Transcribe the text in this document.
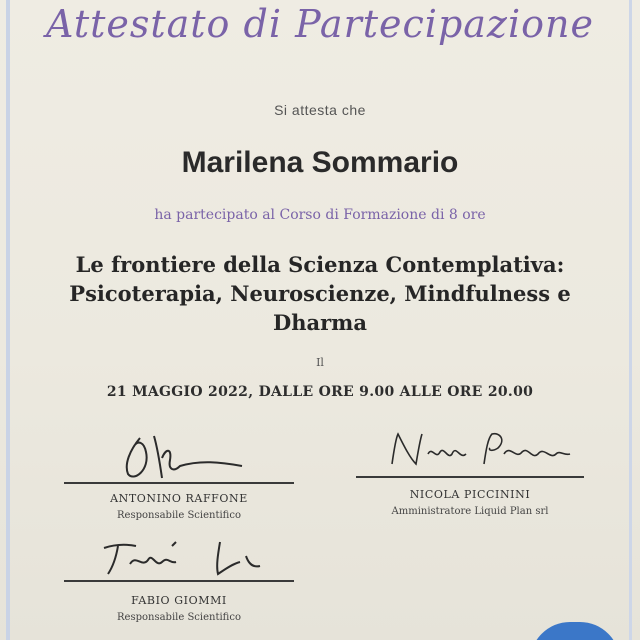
Attestato di Partecipazione
Si attesta che
Marilena Sommario
ha partecipato al Corso di Formazione di 8 ore
Le frontiere della Scienza Contemplativa:
Psicoterapia, Neuroscienze, Mindfulness e
Dharma
Il
21 MAGGIO 2022, DALLE ORE 9.00 ALLE ORE 20.00
ANTONINO RAFFONE
Responsabile Scientifico
NICOLA PICCININI
Amministratore Liquid Plan srl
FABIO GIOMMI
Responsabile Scientifico
